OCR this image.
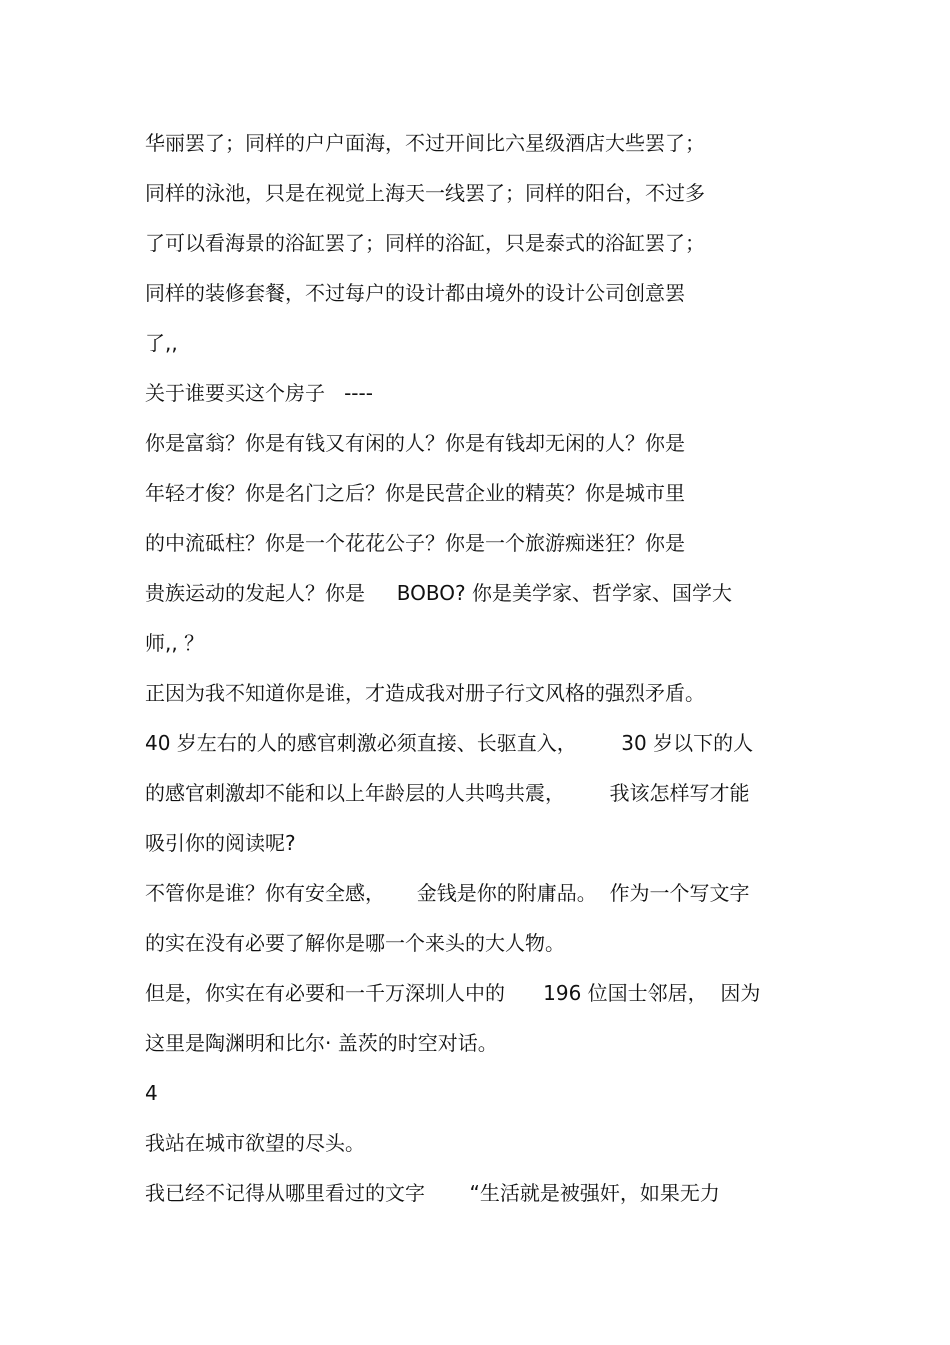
华丽罢了；同样的户户面海，不过开间比六星级酒店大些罢了；

同样的泳池，只是在视觉上海天一线罢了；同样的阳台，不过多

了可以看海景的浴缸罢了；同样的浴缸，只是泰式的浴缸罢了；

同样的装修套餐，不过每户的设计都由境外的设计公司创意罢

了,,

关于谁要买这个房子   ----

你是富翁？你是有钱又有闲的人？你是有钱却无闲的人？你是

年轻才俊？你是名门之后？你是民营企业的精英？你是城市里

的中流砥柱？你是一个花花公子？你是一个旅游痴迷狂？你是

贵族运动的发起人？你是     BOBO? 你是美学家、哲学家、国学大

师,, ？

正因为我不知道你是谁，才造成我对册子行文风格的强烈矛盾。

40 岁左右的人的感官刺激必须直接、长驱直入，       30 岁以下的人

的感官刺激却不能和以上年龄层的人共鸣共震，       我该怎样写才能

吸引你的阅读呢?

不管你是谁？你有安全感，     金钱是你的附庸品。  作为一个写文字

的实在没有必要了解你是哪一个来头的大人物。

但是，你实在有必要和一千万深圳人中的      196 位国士邻居，  因为

这里是陶渊明和比尔· 盖茨的时空对话。

4

我站在城市欲望的尽头。

我已经不记得从哪里看过的文字       “生活就是被强奸，如果无力
